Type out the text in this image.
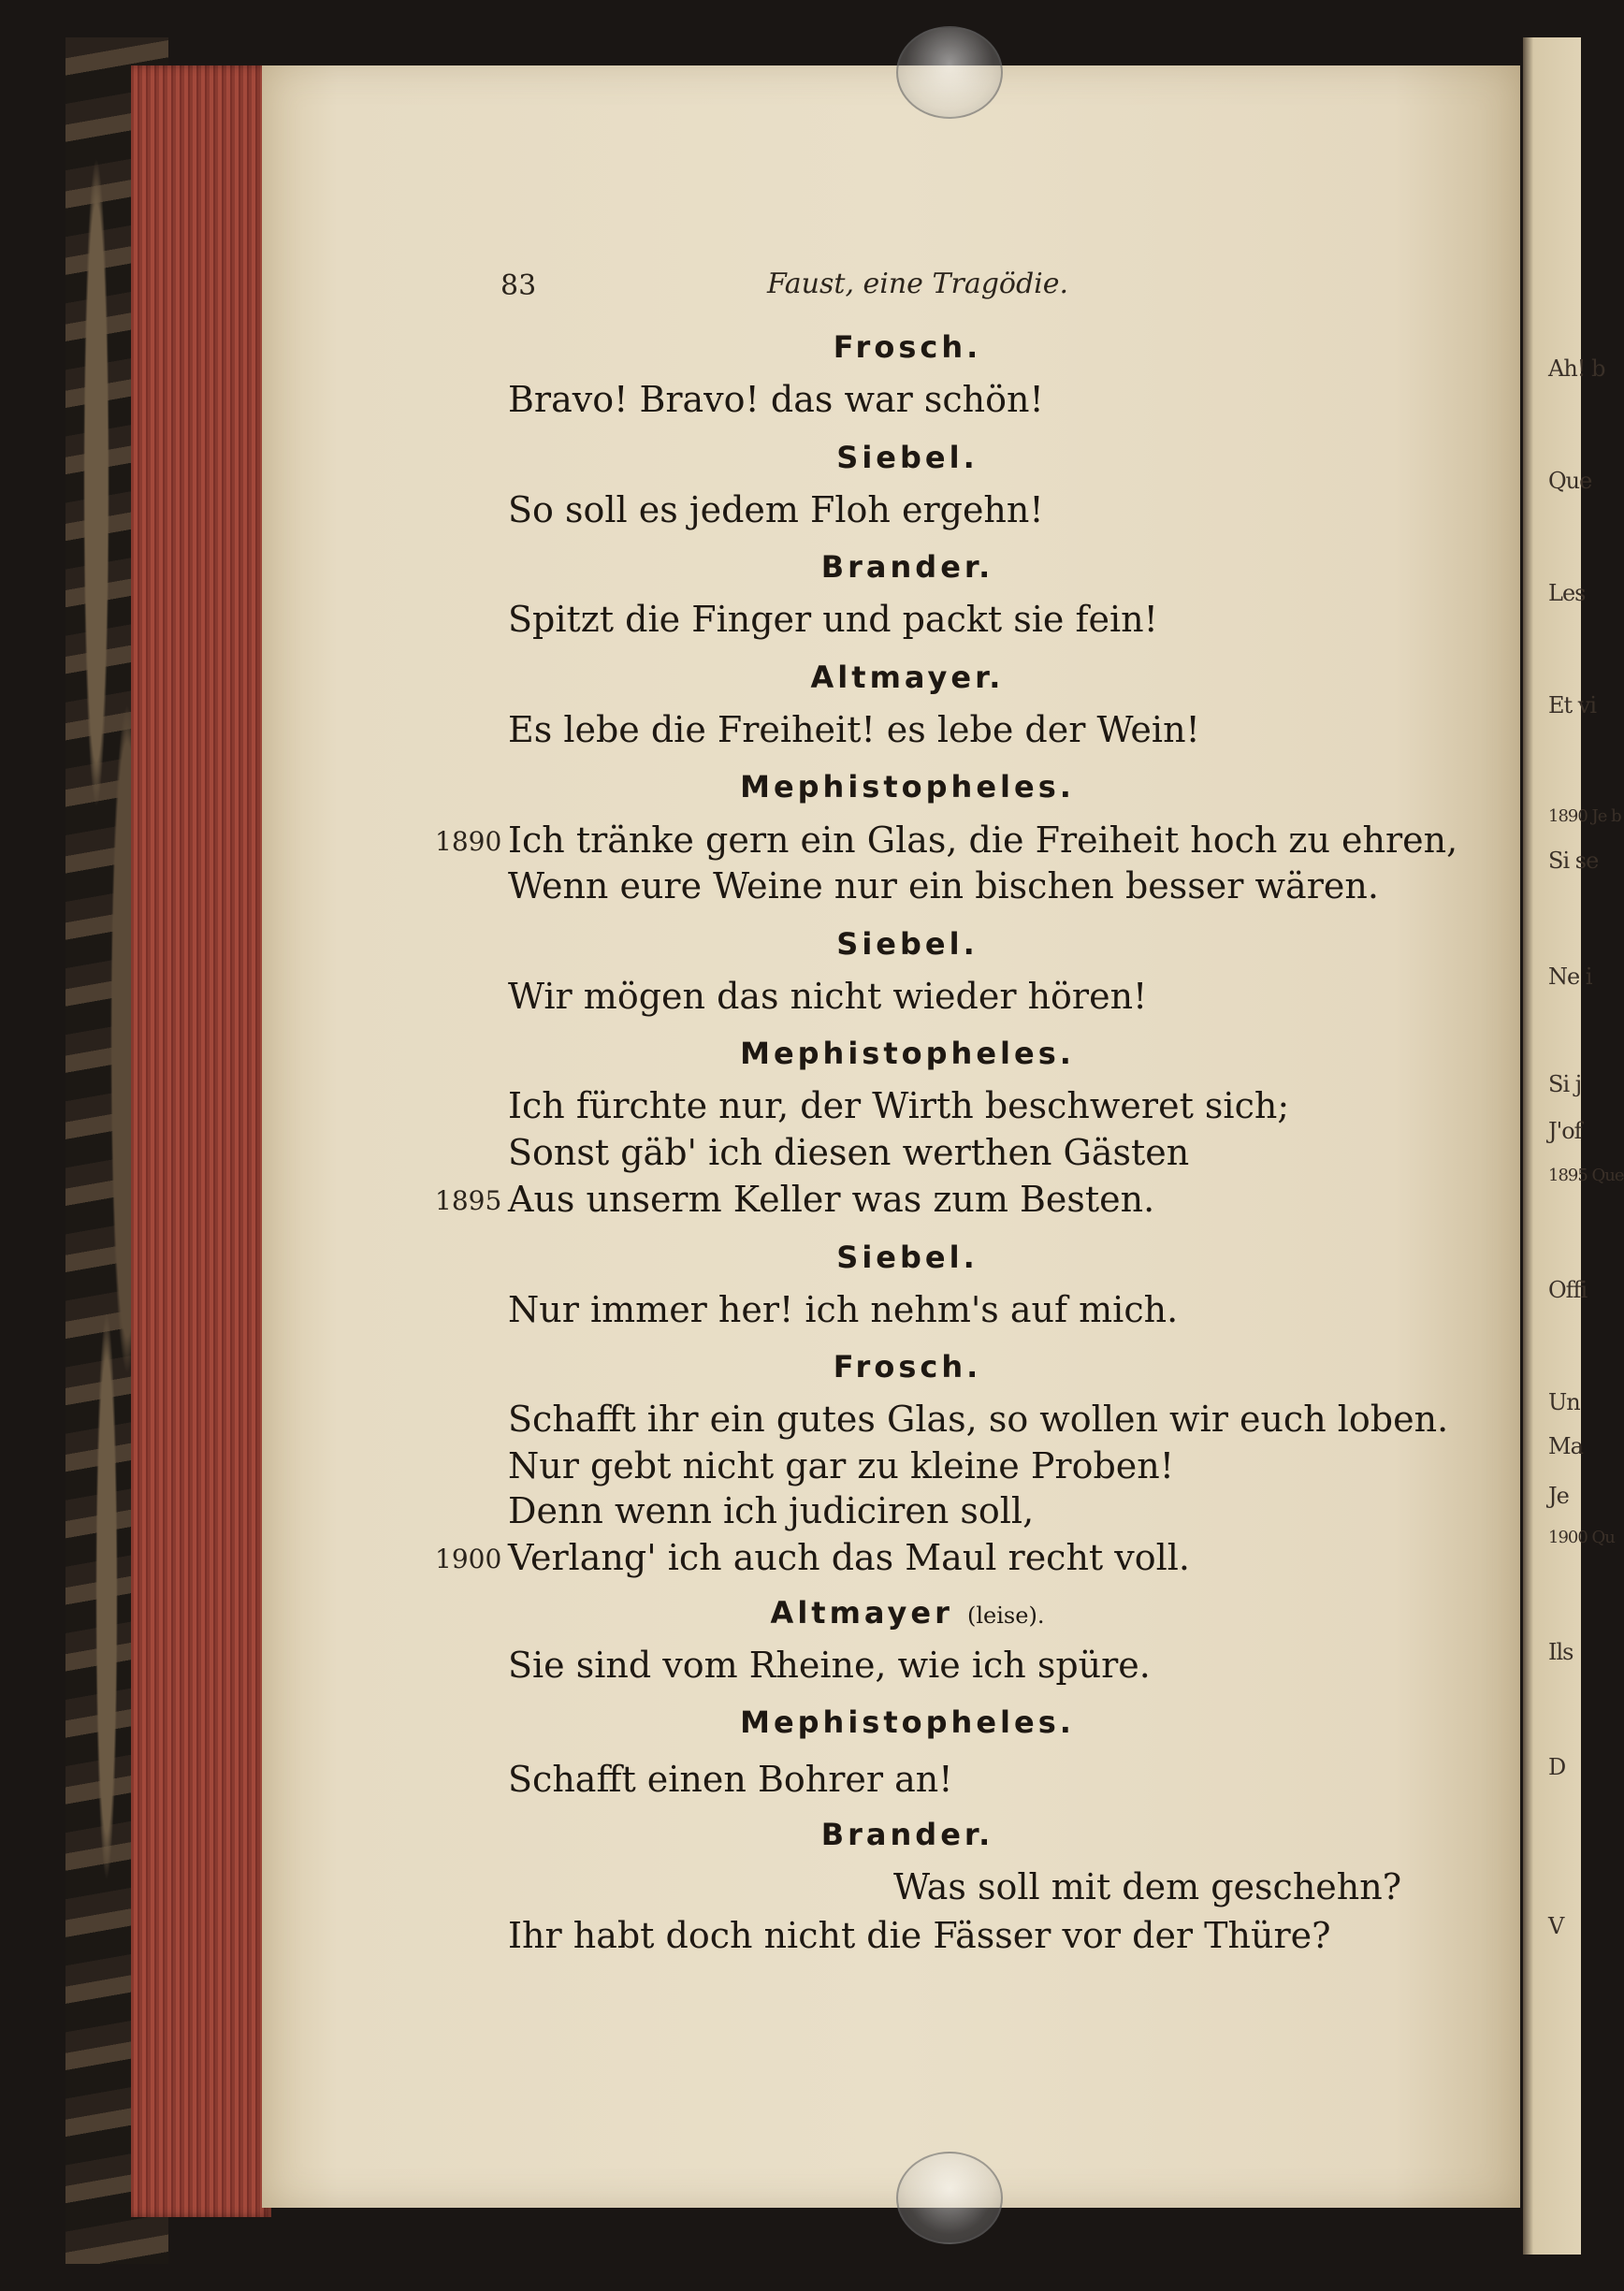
Ah! b
Que
Les
Et vi
1890 Je b
Si se
Ne i
Si j
J'of
1895 Que
Offi
Un
Ma
Je
1900 Qu
Ils
D
V
83	Faust, eine Tragödie.
Frosch.
Bravo! Bravo! das war schön!
Siebel.
So soll es jedem Floh ergehn!
Brander.
Spitzt die Finger und packt sie fein!
Altmayer.
Es lebe die Freiheit! es lebe der Wein!
Mephistopheles.
1890 Ich tränke gern ein Glas, die Freiheit hoch zu ehren,
Wenn eure Weine nur ein bischen besser wären.
Siebel.
Wir mögen das nicht wieder hören!
Mephistopheles.
Ich fürchte nur, der Wirth beschweret sich;
Sonst gäb' ich diesen werthen Gästen
1895 Aus unserm Keller was zum Besten.
Siebel.
Nur immer her! ich nehm's auf mich.
Frosch.
Schafft ihr ein gutes Glas, so wollen wir euch loben.
Nur gebt nicht gar zu kleine Proben!
Denn wenn ich judiciren soll,
1900 Verlang' ich auch das Maul recht voll.
Altmayer (leise).
Sie sind vom Rheine, wie ich spüre.
Mephistopheles.
Schafft einen Bohrer an!
Brander.
Was soll mit dem geschehn?
Ihr habt doch nicht die Fässer vor der Thüre?
